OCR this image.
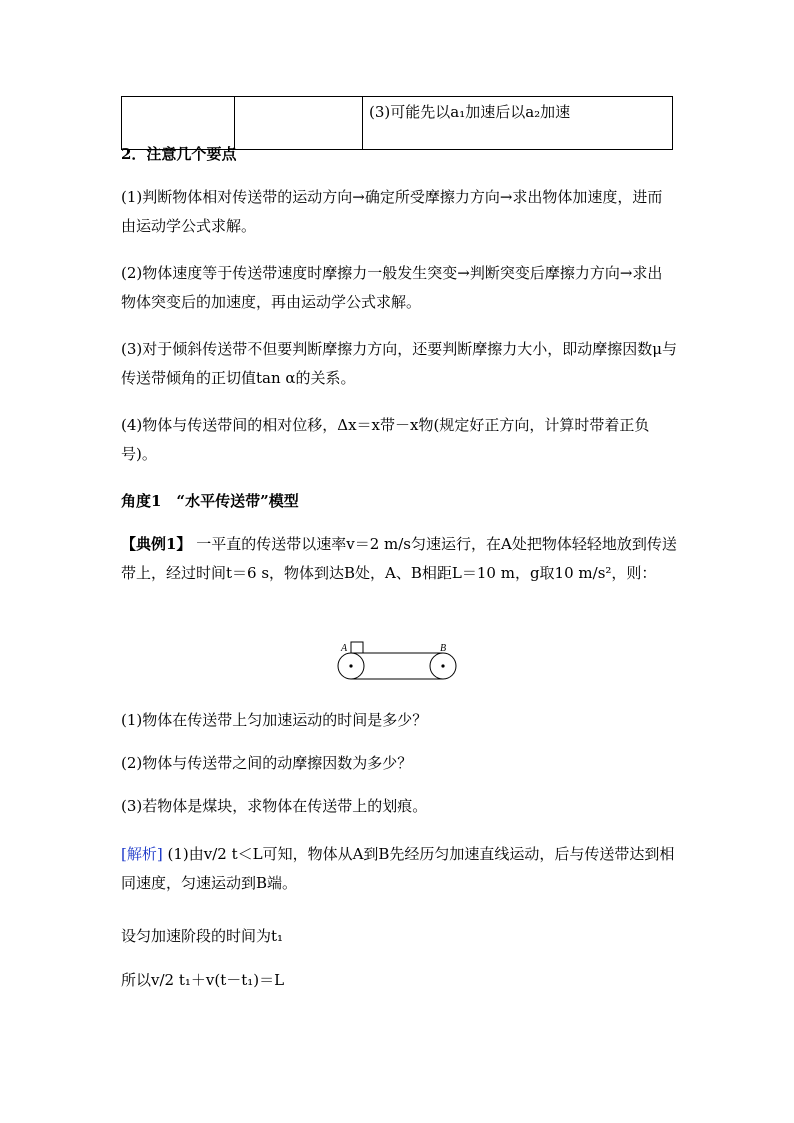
		(3)可能先以a₁加速后以a₂加速
2．注意几个要点
(1)判断物体相对传送带的运动方向→确定所受摩擦力方向→求出物体加速度，进而由运动学公式求解。
(2)物体速度等于传送带速度时摩擦力一般发生突变→判断突变后摩擦力方向→求出物体突变后的加速度，再由运动学公式求解。
(3)对于倾斜传送带不但要判断摩擦力方向，还要判断摩擦力大小，即动摩擦因数μ与传送带倾角的正切值tan α的关系。
(4)物体与传送带间的相对位移，Δx＝x带－x物(规定好正方向，计算时带着正负号)。
角度1　“水平传送带”模型
【典例1】 一平直的传送带以速率v＝2 m/s匀速运行，在A处把物体轻轻地放到传送带上，经过时间t＝6 s，物体到达B处，A、B相距L＝10 m，g取10 m/s²，则：
A	B
(1)物体在传送带上匀加速运动的时间是多少？
(2)物体与传送带之间的动摩擦因数为多少？
(3)若物体是煤块，求物体在传送带上的划痕。
[解析] (1)由v/2 t＜L可知，物体从A到B先经历匀加速直线运动，后与传送带达到相同速度，匀速运动到B端。
设匀加速阶段的时间为t₁
所以v/2 t₁＋v(t－t₁)＝L
